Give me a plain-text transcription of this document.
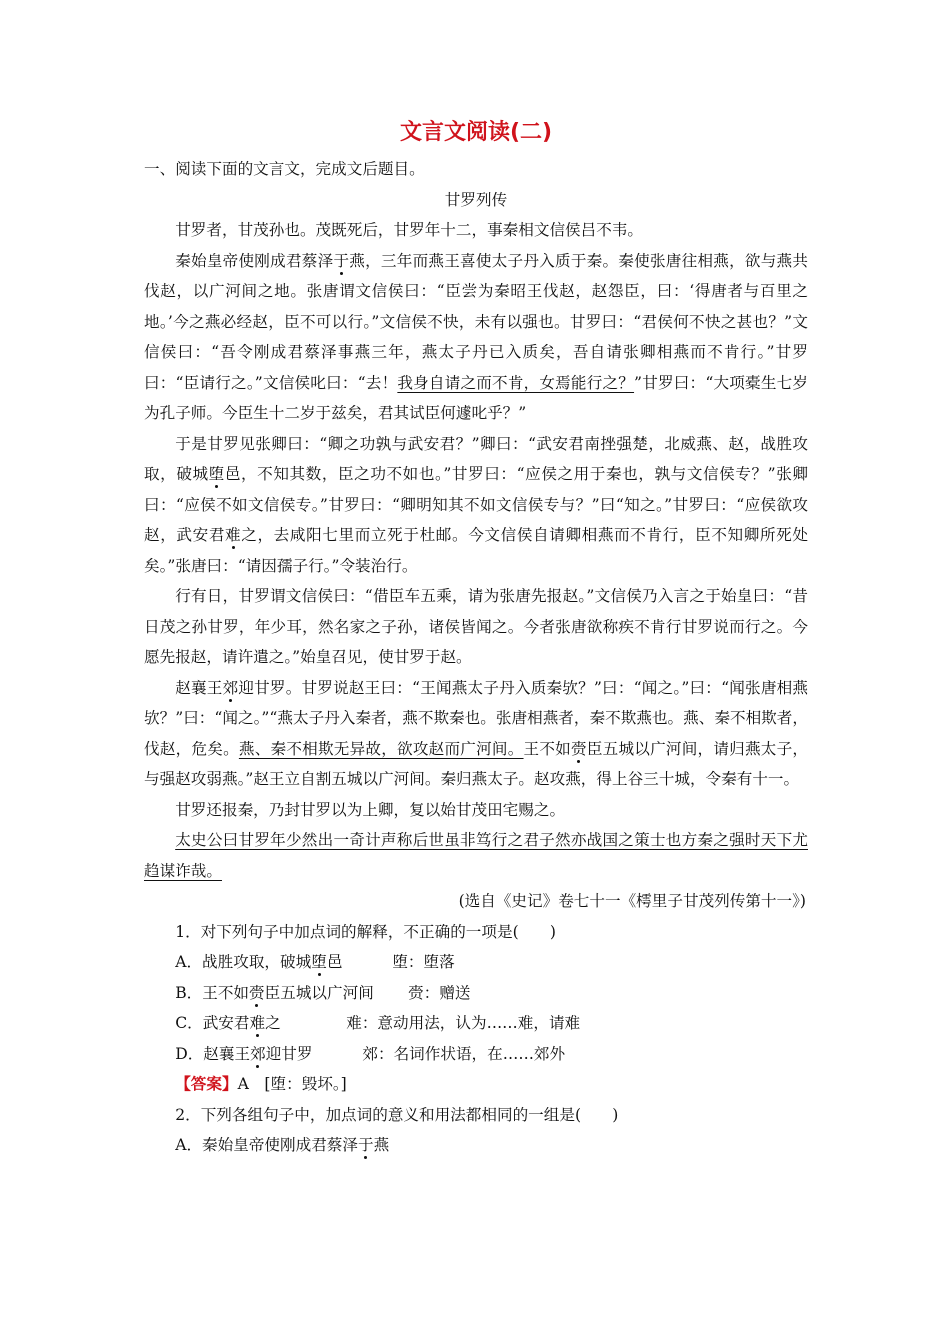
文言文阅读(二)

一、阅读下面的文言文，完成文后题目。

甘罗列传

甘罗者，甘茂孙也。茂既死后，甘罗年十二，事秦相文信侯吕不韦。

秦始皇帝使刚成君蔡泽于燕，三年而燕王喜使太子丹入质于秦。秦使张唐往相燕，欲与燕共伐赵，以广河间之地。张唐谓文信侯曰：“臣尝为秦昭王伐赵，赵怨臣，曰：‘得唐者与百里之地。’今之燕必经赵，臣不可以行。”文信侯不快，未有以强也。甘罗曰：“君侯何不快之甚也？”文信侯曰：“吾令刚成君蔡泽事燕三年，燕太子丹已入质矣，吾自请张卿相燕而不肯行。”甘罗曰：“臣请行之。”文信侯叱曰：“去！我身自请之而不肯，女焉能行之？”甘罗曰：“大项橐生七岁为孔子师。今臣生十二岁于兹矣，君其试臣何遽叱乎？”

于是甘罗见张卿曰：“卿之功孰与武安君？”卿曰：“武安君南挫强楚，北威燕、赵，战胜攻取，破城堕邑，不知其数，臣之功不如也。”甘罗曰：“应侯之用于秦也，孰与文信侯专？”张卿曰：“应侯不如文信侯专。”甘罗曰：“卿明知其不如文信侯专与？”曰“知之。”甘罗曰：“应侯欲攻赵，武安君难之，去咸阳七里而立死于杜邮。今文信侯自请卿相燕而不肯行，臣不知卿所死处矣。”张唐曰：“请因孺子行。”令装治行。

行有日，甘罗谓文信侯曰：“借臣车五乘，请为张唐先报赵。”文信侯乃入言之于始皇曰：“昔日茂之孙甘罗，年少耳，然名家之子孙，诸侯皆闻之。今者张唐欲称疾不肯行甘罗说而行之。今愿先报赵，请许遣之。”始皇召见，使甘罗于赵。

赵襄王郊迎甘罗。甘罗说赵王曰：“王闻燕太子丹入质秦欤？”曰：“闻之。”曰：“闻张唐相燕欤？”曰：“闻之。”“燕太子丹入秦者，燕不欺秦也。张唐相燕者，秦不欺燕也。燕、秦不相欺者，伐赵，危矣。燕、秦不相欺无异故，欲攻赵而广河间。王不如赍臣五城以广河间，请归燕太子，与强赵攻弱燕。”赵王立自割五城以广河间。秦归燕太子。赵攻燕，得上谷三十城，令秦有十一。

甘罗还报秦，乃封甘罗以为上卿，复以始甘茂田宅赐之。

太史公曰甘罗年少然出一奇计声称后世虽非笃行之君子然亦战国之策士也方秦之强时天下尤趋谋诈哉。

(选自《史记》卷七十一《樗里子甘茂列传第十一》)

1．对下列句子中加点词的解释，不正确的一项是(　　)

A．战胜攻取，破城堕邑	堕：堕落

B．王不如赍臣五城以广河间 赍：赠送

C．武安君难之	难：意动用法，认为……难，请难

D．赵襄王郊迎甘罗	郊：名词作状语，在……郊外

【答案】A　[堕：毁坏。]

2．下列各组句子中，加点词的意义和用法都相同的一组是(　　)

A．秦始皇帝使刚成君蔡泽于燕
